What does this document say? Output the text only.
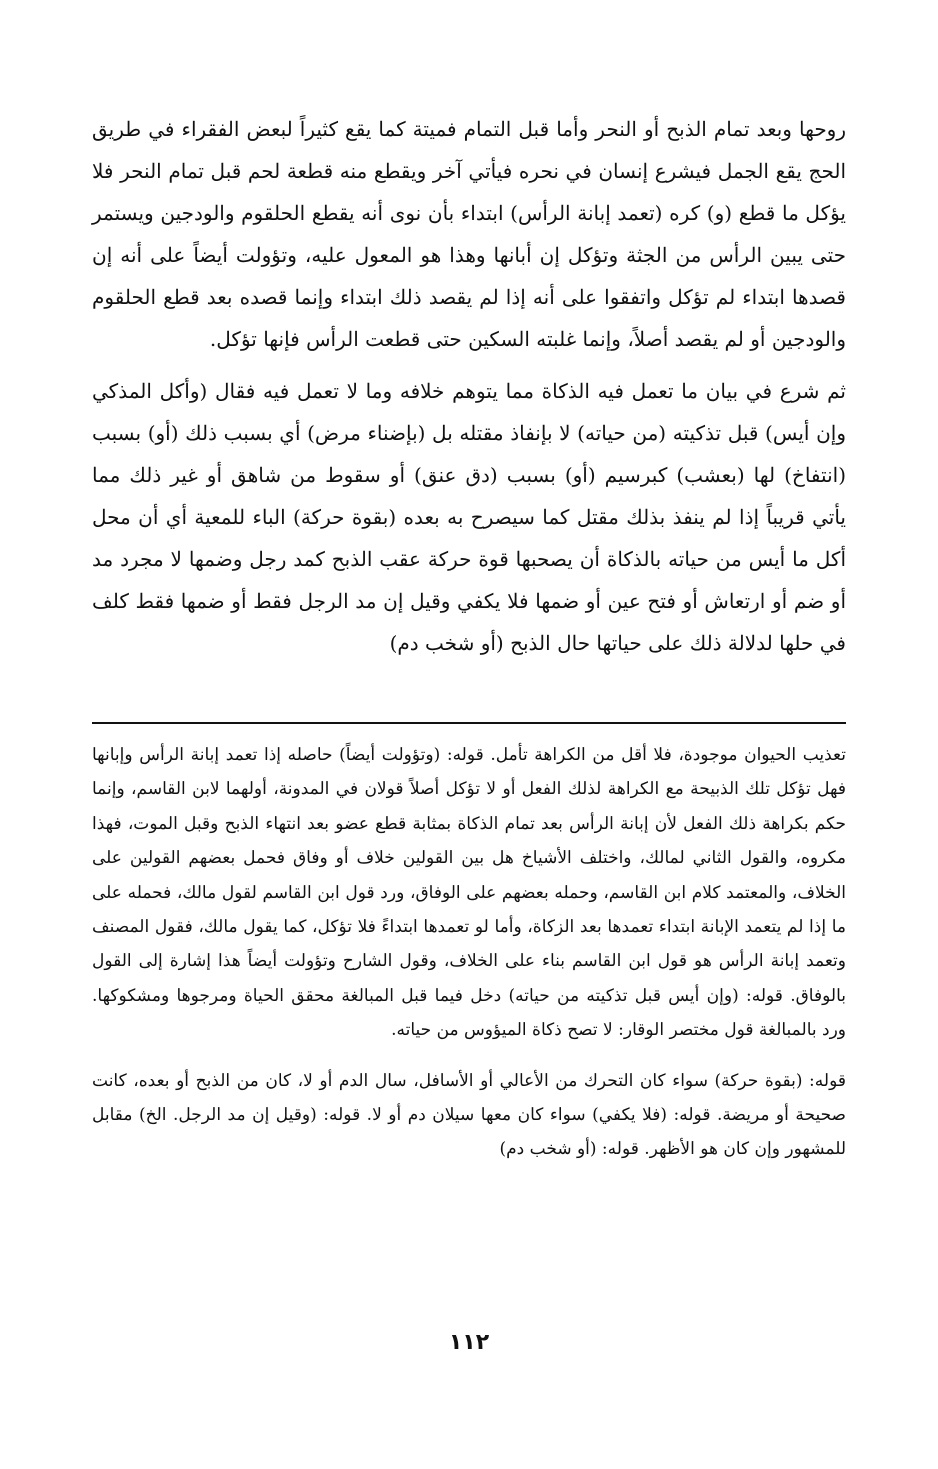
روحها وبعد تمام الذبح أو النحر وأما قبل التمام فميتة كما يقع كثيراً لبعض الفقراء في طريق الحج يقع الجمل فيشرع إنسان في نحره فيأتي آخر ويقطع منه قطعة لحم قبل تمام النحر فلا يؤكل ما قطع (و) كره (تعمد إبانة الرأس) ابتداء بأن نوى أنه يقطع الحلقوم والودجين ويستمر حتى يبين الرأس من الجثة وتؤكل إن أبانها وهذا هو المعول عليه، وتؤولت أيضاً على أنه إن قصدها ابتداء لم تؤكل واتفقوا على أنه إذا لم يقصد ذلك ابتداء وإنما قصده بعد قطع الحلقوم والودجين أو لم يقصد أصلاً، وإنما غلبته السكين حتى قطعت الرأس فإنها تؤكل.

ثم شرع في بيان ما تعمل فيه الذكاة مما يتوهم خلافه وما لا تعمل فيه فقال (وأكل المذكي وإن أيس) قبل تذكيته (من حياته) لا بإنفاذ مقتله بل (بإضناء مرض) أي بسبب ذلك (أو) بسبب (انتفاخ) لها (بعشب) كبرسيم (أو) بسبب (دق عنق) أو سقوط من شاهق أو غير ذلك مما يأتي قريباً إذا لم ينفذ بذلك مقتل كما سيصرح به بعده (بقوة حركة) الباء للمعية أي أن محل أكل ما أيس من حياته بالذكاة أن يصحبها قوة حركة عقب الذبح كمد رجل وضمها لا مجرد مد أو ضم أو ارتعاش أو فتح عين أو ضمها فلا يكفي وقيل إن مد الرجل فقط أو ضمها فقط كلف في حلها لدلالة ذلك على حياتها حال الذبح (أو شخب دم)

تعذيب الحيوان موجودة، فلا أقل من الكراهة تأمل. قوله: (وتؤولت أيضاً) حاصله إذا تعمد إبانة الرأس وإبانها فهل تؤكل تلك الذبيحة مع الكراهة لذلك الفعل أو لا تؤكل أصلاً قولان في المدونة، أولهما لابن القاسم، وإنما حكم بكراهة ذلك الفعل لأن إبانة الرأس بعد تمام الذكاة بمثابة قطع عضو بعد انتهاء الذبح وقبل الموت، فهذا مكروه، والقول الثاني لمالك، واختلف الأشياخ هل بين القولين خلاف أو وفاق فحمل بعضهم القولين على الخلاف، والمعتمد كلام ابن القاسم، وحمله بعضهم على الوفاق، ورد قول ابن القاسم لقول مالك، فحمله على ما إذا لم يتعمد الإبانة ابتداء تعمدها بعد الزكاة، وأما لو تعمدها ابتداءً فلا تؤكل، كما يقول مالك، فقول المصنف وتعمد إبانة الرأس هو قول ابن القاسم بناء على الخلاف، وقول الشارح وتؤولت أيضاً هذا إشارة إلى القول بالوفاق. قوله: (وإن أيس قبل تذكيته من حياته) دخل فيما قبل المبالغة محقق الحياة ومرجوها ومشكوكها. ورد بالمبالغة قول مختصر الوقار: لا تصح ذكاة الميؤوس من حياته.

قوله: (بقوة حركة) سواء كان التحرك من الأعالي أو الأسافل، سال الدم أو لا، كان من الذبح أو بعده، كانت صحيحة أو مريضة. قوله: (فلا يكفي) سواء كان معها سيلان دم أو لا. قوله: (وقيل إن مد الرجل. الخ) مقابل للمشهور وإن كان هو الأظهر. قوله: (أو شخب دم)

١١٢
